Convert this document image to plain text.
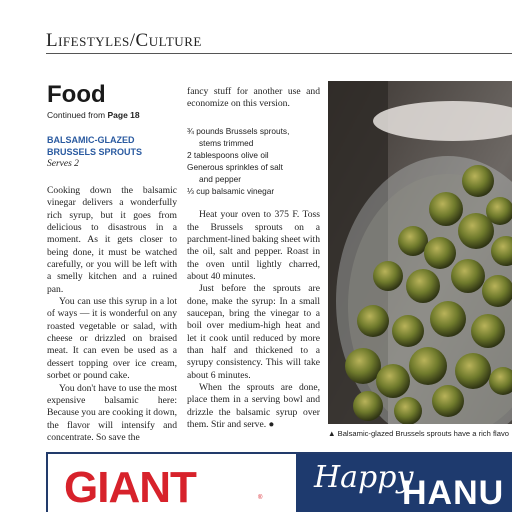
Lifestyles/Culture
Food
Continued from Page 18
BALSAMIC-GLAZED
BRUSSELS SPROUTS
Serves 2

Cooking down the balsamic vinegar delivers a wonderfully rich syrup, but it goes from delicious to disastrous in a moment. As it gets closer to being done, it must be watched carefully, or you will be left with a smelly kitchen and a ruined pan.

You can use this syrup in a lot of ways — it is wonderful on any roasted vegetable or salad, with cheese or drizzled on braised meat. It can even be used as a dessert topping over ice cream, sorbet or pound cake.

You don't have to use the most expensive balsamic here: Because you are cooking it down, the flavor will intensify and concentrate. So save the

fancy stuff for another use and economize on this version.

¾ pounds Brussels sprouts,
stems trimmed
2 tablespoons olive oil
Generous sprinkles of salt
and pepper
⅓ cup balsamic vinegar

Heat your oven to 375 F. Toss the Brussels sprouts on a parchment-lined baking sheet with the oil, salt and pepper. Roast in the oven until lightly charred, about 40 minutes.

Just before the sprouts are done, make the syrup: In a small saucepan, bring the vinegar to a boil over medium-high heat and let it cook until reduced by more than half and thickened to a syrupy consistency. This will take about 6 minutes.

When the sprouts are done, place them in a serving bowl and drizzle the balsamic syrup over them. Stir and serve. ●

▲ Balsamic-glazed Brussels sprouts have a rich flavo
GIANT	®
Happy
HANU
